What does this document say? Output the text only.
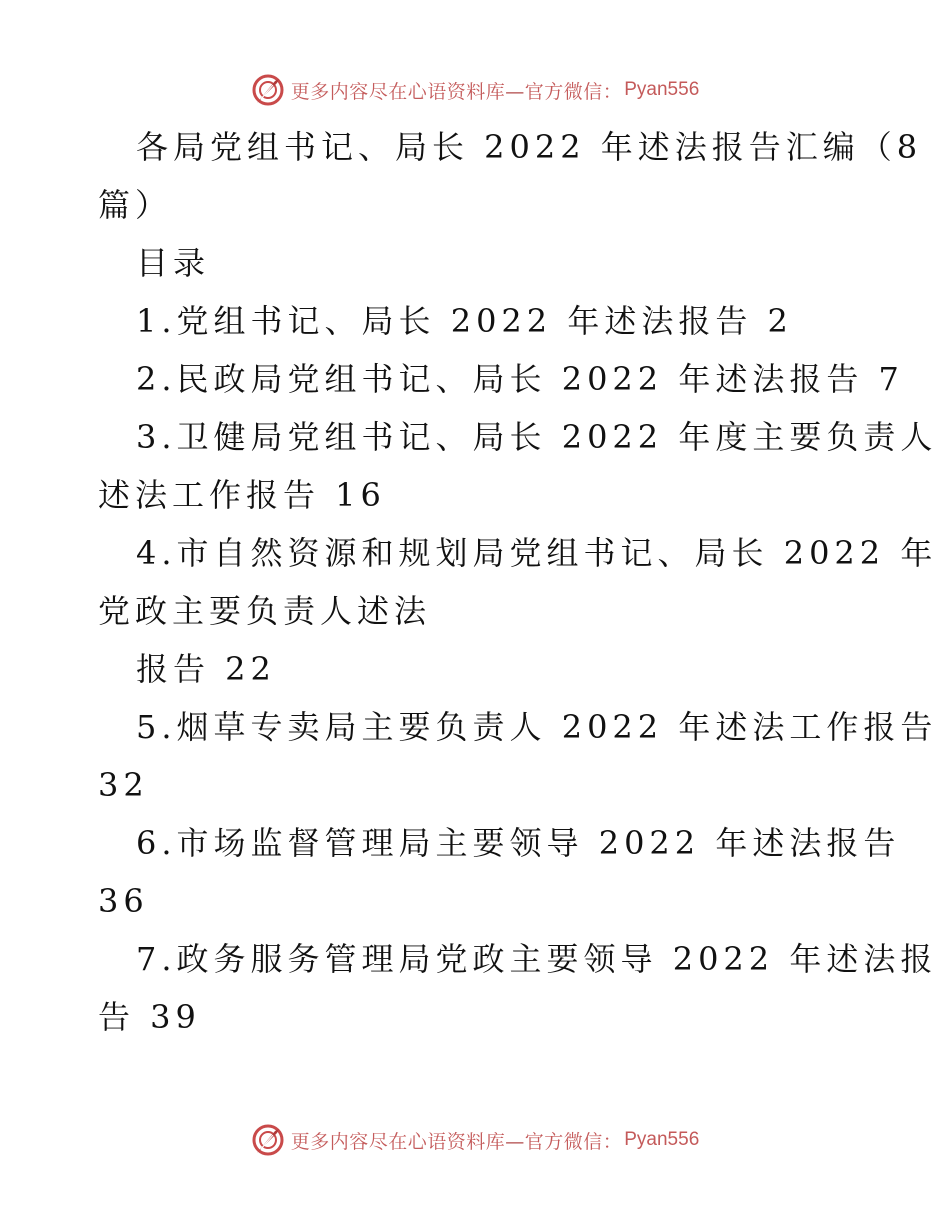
更多内容尽在心语资料库—官方微信： Pyan556
各局党组书记、局长 2022 年述法报告汇编（8
篇）
目录
1.党组书记、局长 2022 年述法报告 2
2.民政局党组书记、局长 2022 年述法报告 7
3.卫健局党组书记、局长 2022 年度主要负责人
述法工作报告 16
4.市自然资源和规划局党组书记、局长 2022 年
党政主要负责人述法
报告 22
5.烟草专卖局主要负责人 2022 年述法工作报告
32
6.市场监督管理局主要领导 2022 年述法报告
36
7.政务服务管理局党政主要领导 2022 年述法报
告 39
更多内容尽在心语资料库—官方微信： Pyan556
